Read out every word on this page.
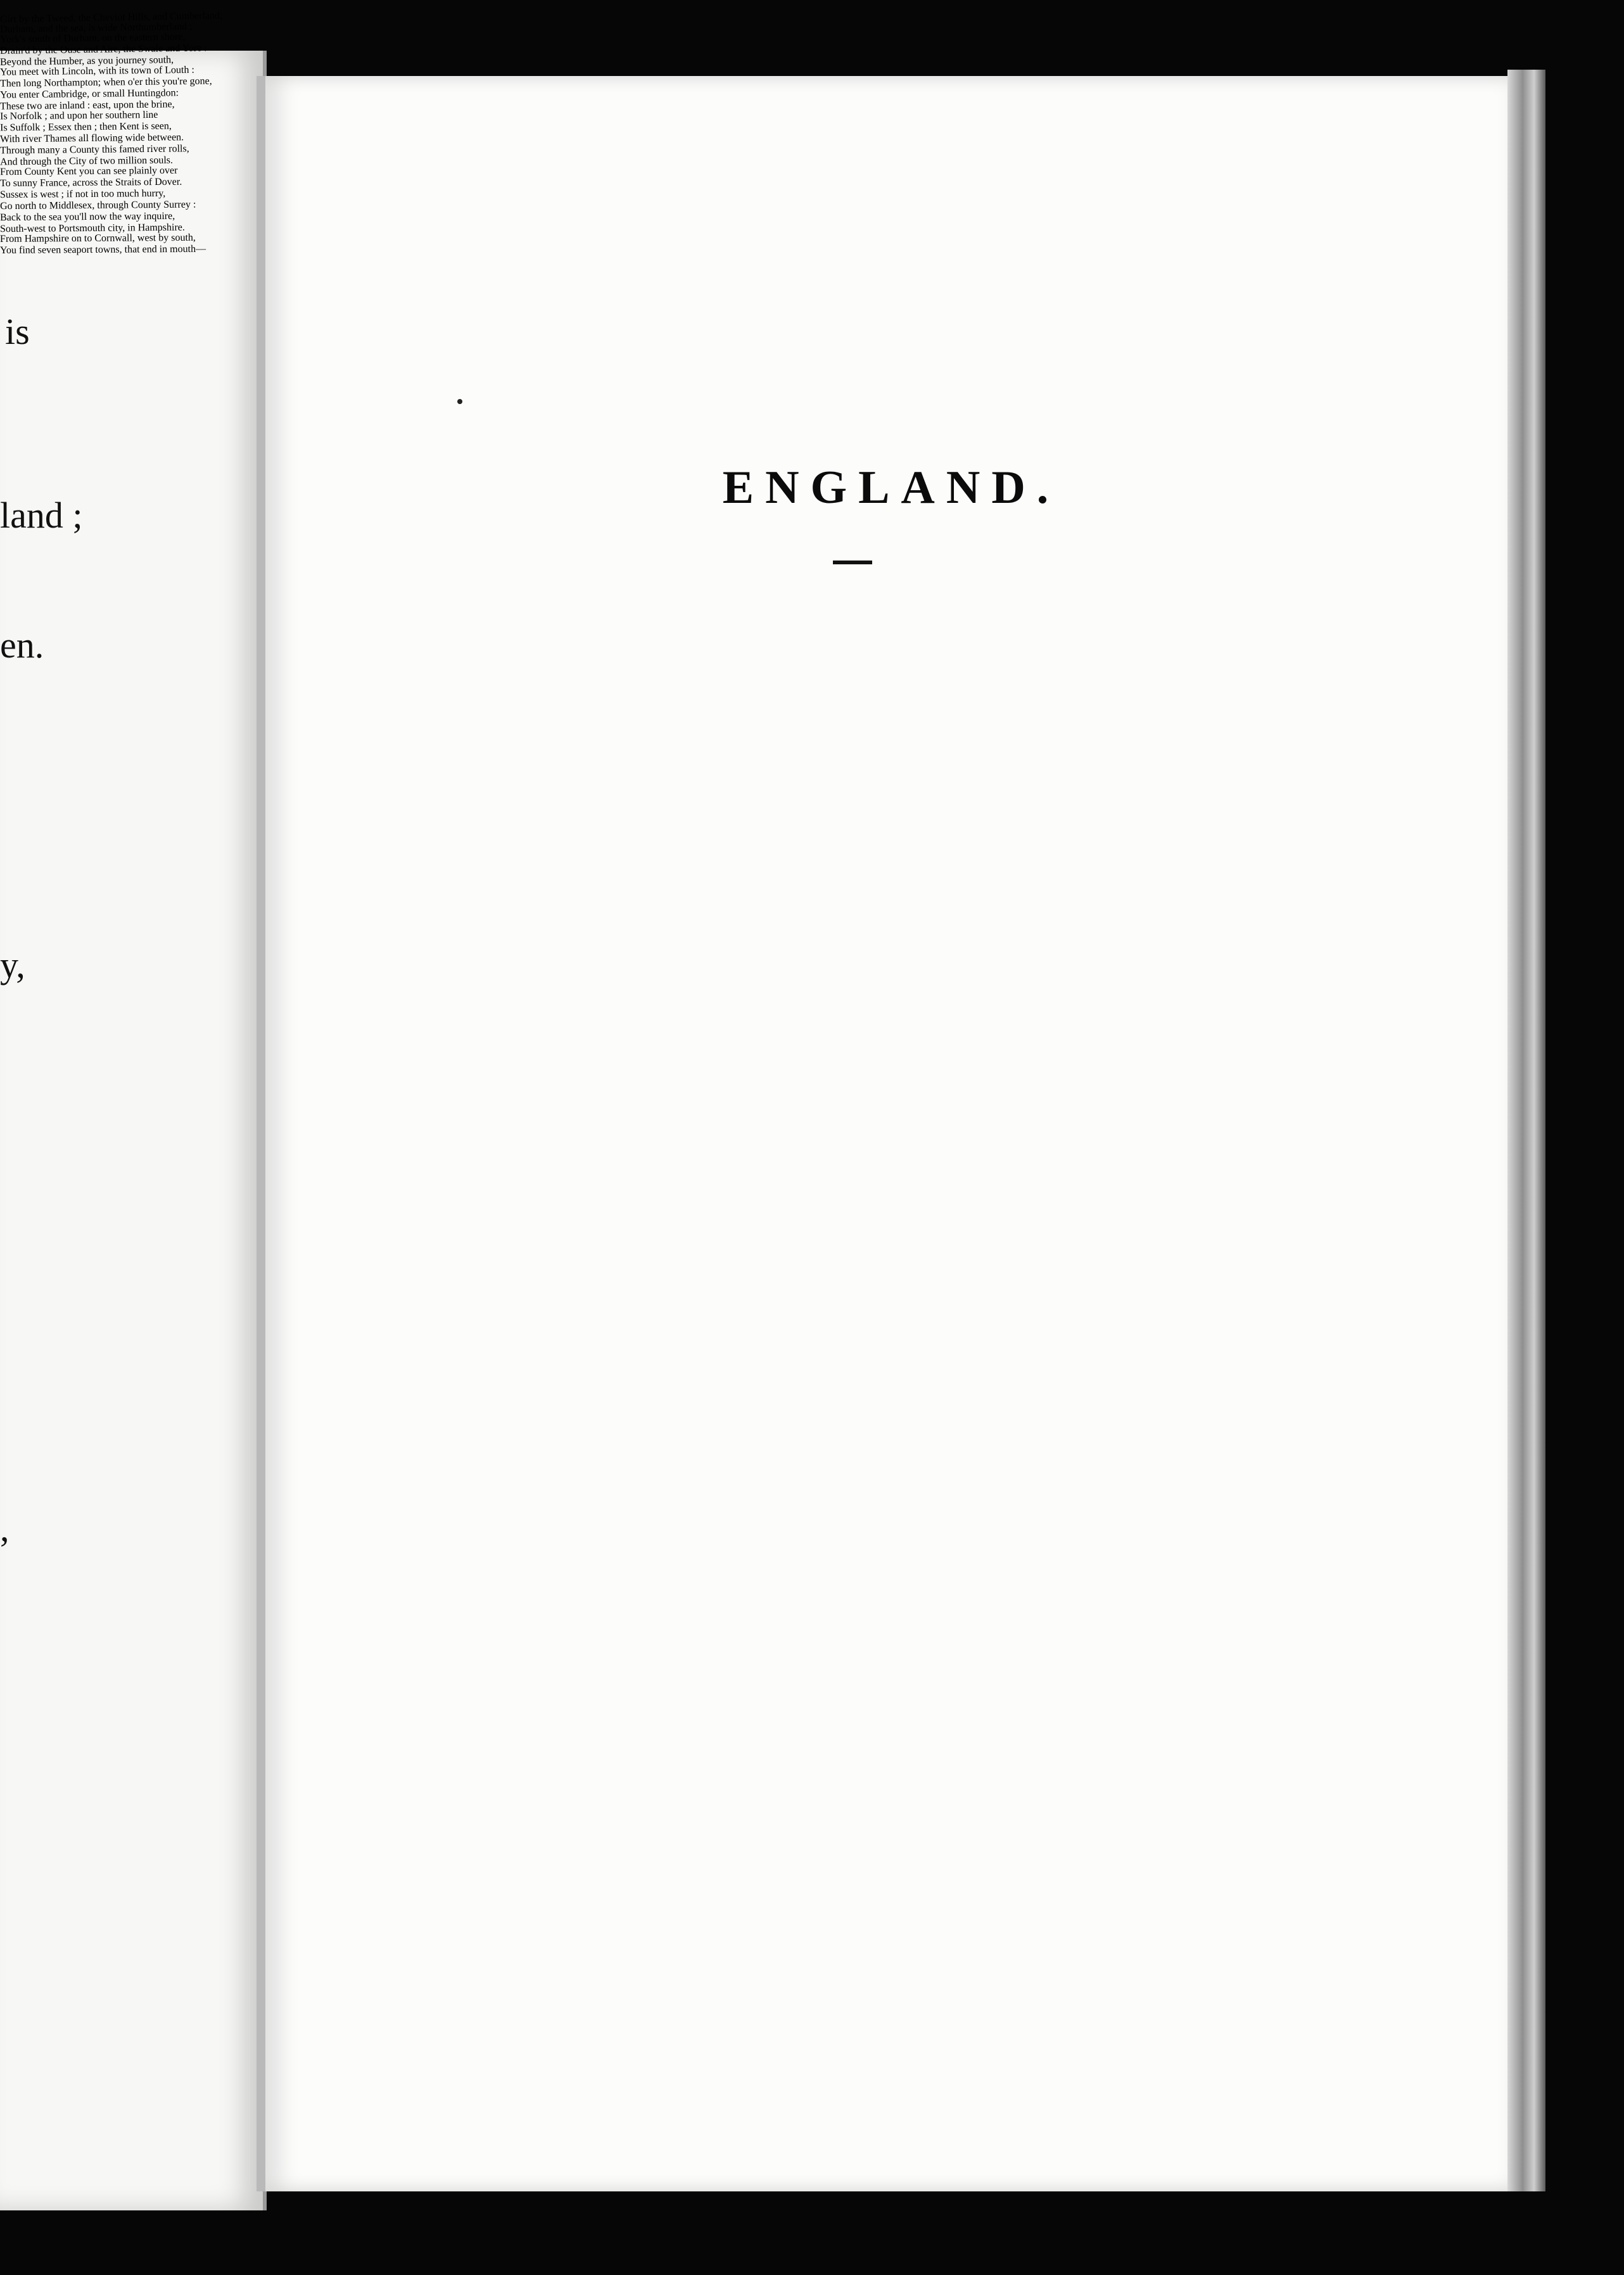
is
land ;
en.
y,
,
ENGLAND.
Girt by the Tweed, the Cheviot Hills, and Cumberland,
Durham, and the sea, is wide Northumberland ;
York's south of Durham, on the eastern shore,
Drain'd by the Ouse and Aire, the Swale and Yore :
Beyond the Humber, as you journey south,
You meet with Lincoln, with its town of Louth :
Then long Northampton; when o'er this you're gone,
You enter Cambridge, or small Huntingdon:
These two are inland : east, upon the brine,
Is Norfolk ; and upon her southern line
Is Suffolk ; Essex then ; then Kent is seen,
With river Thames all flowing wide between.
Through many a County this famed river rolls,
And through the City of two million souls.
From County Kent you can see plainly over
To sunny France, across the Straits of Dover.
Sussex is west ; if not in too much hurry,
Go north to Middlesex, through County Surrey :
Back to the sea you'll now the way inquire,
South-west to Portsmouth city, in Hampshire.
From Hampshire on to Cornwall, west by south,
You find seven seaport towns, that end in mouth—
